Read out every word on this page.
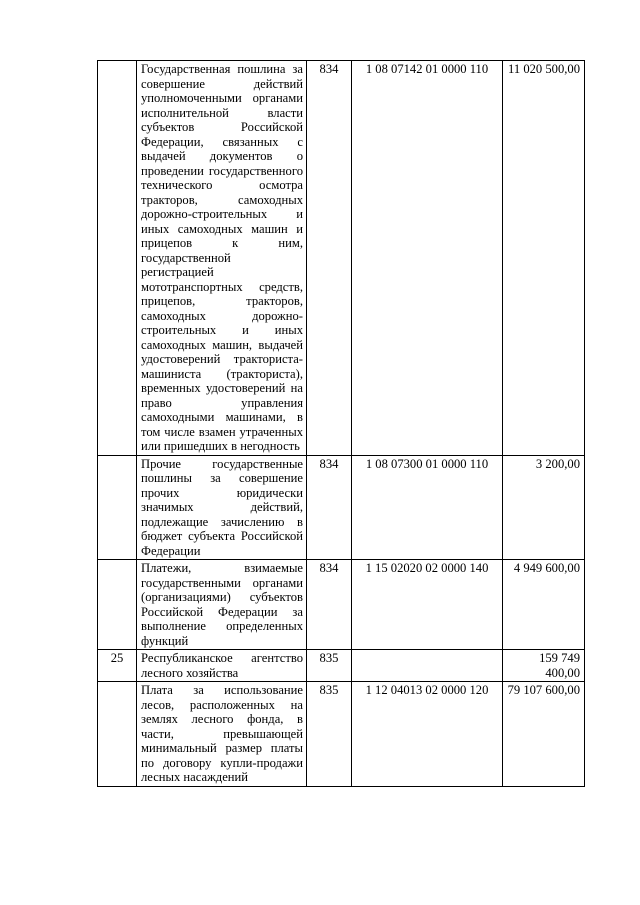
	Государственная пошлина за совершение действий уполномоченными органами исполнительной власти субъектов Российской Федерации, связанных с выдачей документов о проведении государственного технического осмотра тракторов, самоходных дорожно-строительных и иных самоходных машин и прицепов к ним, государственной регистрацией мототранспортных средств, прицепов, тракторов, самоходных дорожно-строительных и иных самоходных машин, выдачей удостоверений тракториста-машиниста (тракториста), временных удостоверений на право управления самоходными машинами, в том числе взамен утраченных или пришедших в негодность	834	1 08 07142 01 0000 110	11 020 500,00
	Прочие государственные пошлины за совершение прочих юридически значимых действий, подлежащие зачислению в бюджет субъекта Российской Федерации	834	1 08 07300 01 0000 110	3 200,00
	Платежи, взимаемые государственными органами (организациями) субъектов Российской Федерации за выполнение определенных функций	834	1 15 02020 02 0000 140	4 949 600,00
25	Республиканское агентство лесного хозяйства	835		159 749 400,00
	Плата за использование лесов, расположенных на землях лесного фонда, в части, превышающей минимальный размер платы по договору купли-продажи лесных насаждений	835	1 12 04013 02 0000 120	79 107 600,00
